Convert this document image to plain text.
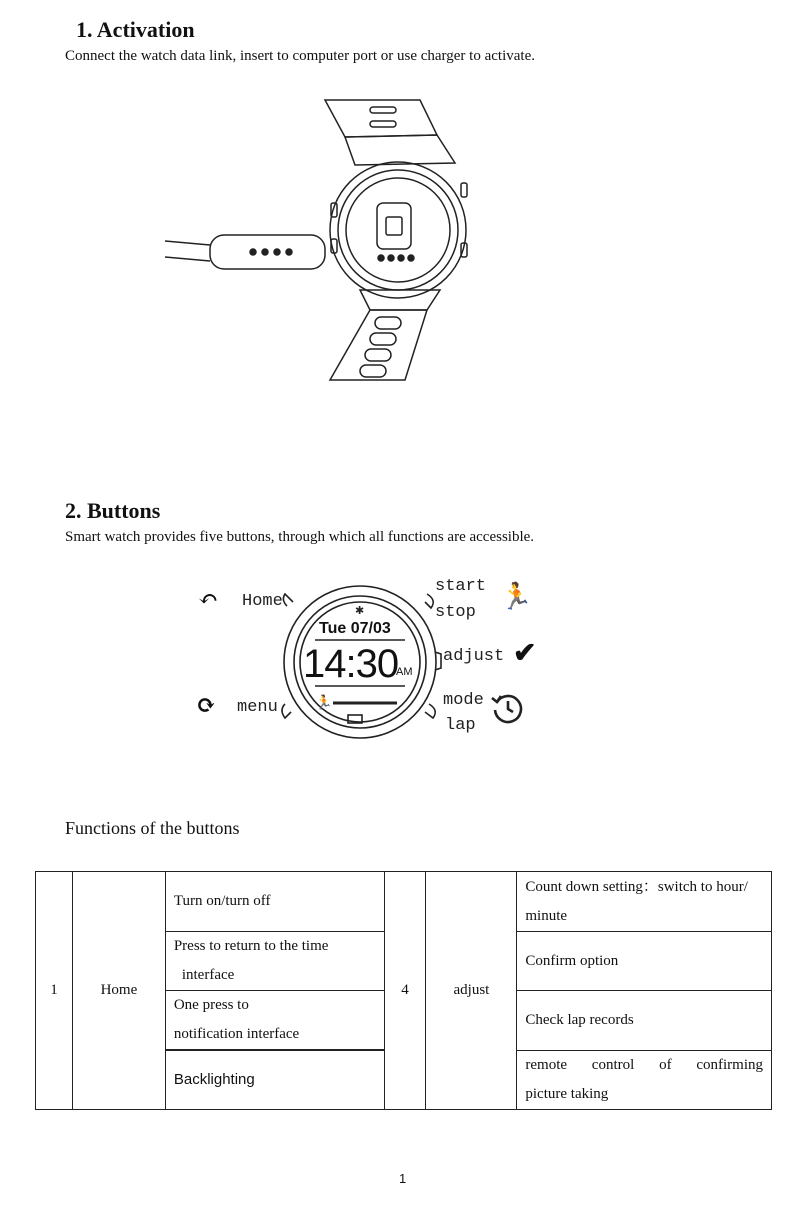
1. Activation
Connect the watch data link, insert to computer port or use charger to activate.
2. Buttons
Smart watch provides five buttons, through which all functions are accessible.
✱
🏃
Tue 07/03
14:30
AM
↶ Home
start
stop
🏃
adjust ✔
⟳ menu	mode
lap
Functions of the buttons
1	Home	Turn on/turn off	4	adjust	Count down setting：switch to hour/
minute

		Press to return to the time
interface			Confirm option

		One press to
notification interface			Check lap records
		Backlighting			remote control of confirming
picture taking
1
